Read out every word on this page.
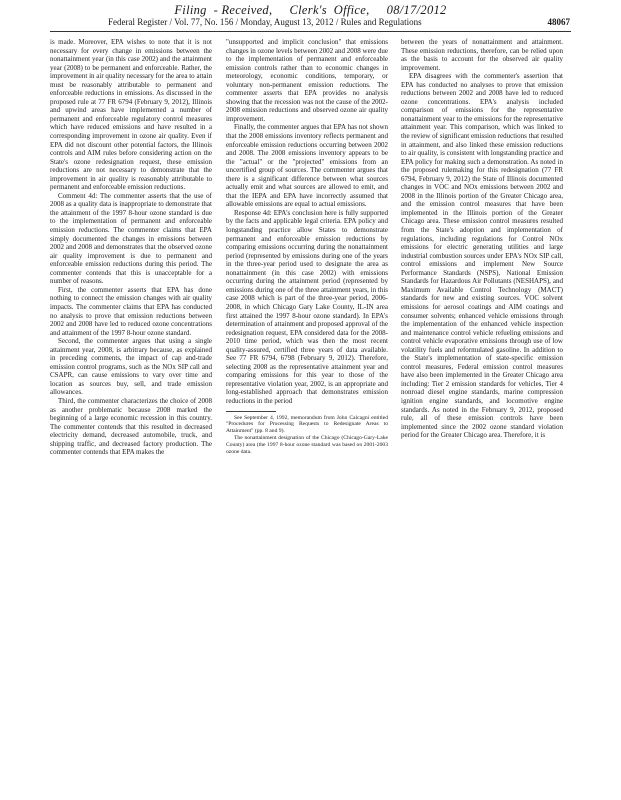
Filing  - Received,     Clerk's  Office,     08/17/2012
Federal Register / Vol. 77, No. 156 / Monday, August 13, 2012 / Rules and Regulations	48067

is made. Moreover, EPA wishes to note that it is not necessary for every change in emissions between the nonattainment year (in this case 2002) and the attainment year (2008) to be permanent and enforceable. Rather, the improvement in air quality necessary for the area to attain must be reasonably attributable to permanent and enforceable reductions in emissions. As discussed in the proposed rule at 77 FR 6794 (February 9, 2012), Illinois and upwind areas have implemented a number of permanent and enforceable regulatory control measures which have reduced emissions and have resulted in a corresponding improvement in ozone air quality. Even if EPA did not discount other potential factors, the Illinois controls and AIM rules before considering action on the State's ozone redesignation request, these emission reductions are not necessary to demonstrate that the improvement in air quality is reasonably attributable to permanent and enforceable emission reductions.

Comment 4d: The commenter asserts that the use of 2008 as a quality data is inappropriate to demonstrate that the attainment of the 1997 8-hour ozone standard is due to the implementation of permanent and enforceable emission reductions. The commenter claims that EPA simply documented the changes in emissions between 2002 and 2008 and demonstrates that the observed ozone air quality improvement is due to permanent and enforceable emission reductions during this period. The commenter contends that this is unacceptable for a number of reasons.

First, the commenter asserts that EPA has done nothing to connect the emission changes with air quality impacts. The commenter claims that EPA has conducted no analysis to prove that emission reductions between 2002 and 2008 have led to reduced ozone concentrations and attainment of the 1997 8-hour ozone standard.

Second, the commenter argues that using a single attainment year, 2008, is arbitrary because, as explained in preceding comments, the impact of cap and-trade emission control programs, such as the NOx SIP call and CSAPR, can cause emissions to vary over time and location as sources buy, sell, and trade emission allowances.

Third, the commenter characterizes the choice of 2008 as another problematic because 2008 marked the beginning of a large economic recession in this country. The commenter contends that this resulted in decreased electricity demand, decreased automobile, truck, and shipping traffic, and decreased factory production. The commenter contends that EPA makes the

"unsupported and implicit conclusion" that emissions changes in ozone levels between 2002 and 2008 were due to the implementation of permanent and enforceable emission controls rather than to economic changes in meteorology, economic conditions, temporary, or voluntary non-permanent emission reductions. The commenter asserts that EPA provides no analysis showing that the recession was not the cause of the 2002-2008 emission reductions and observed ozone air quality improvement.

Finally, the commenter argues that EPA has not shown that the 2008 emissions inventory reflects permanent and enforceable emission reductions occurring between 2002 and 2008. The 2008 emissions inventory appears to be the "actual" or the "projected" emissions from an uncertified group of sources. The commenter argues that there is a significant difference between what sources actually emit and what sources are allowed to emit, and that the IEPA and EPA have incorrectly assumed that allowable emissions are equal to actual emissions.

Response 4d: EPA's conclusion here is fully supported by the facts and applicable legal criteria. EPA policy and longstanding practice allow States to demonstrate permanent and enforceable emission reductions by comparing emissions occurring during the nonattainment period (represented by emissions during one of the years in the three-year period used to designate the area as nonattainment (in this case 2002) with emissions occurring during the attainment period (represented by emissions during one of the three attainment years, in this case 2008 which is part of the three-year period, 2006-2008, in which Chicago Gary Lake County, IL-IN area first attained the 1997 8-hour ozone standard). In EPA's determination of attainment and proposed approval of the redesignation request, EPA considered data for the 2008-2010 time period, which was then the most recent quality-assured, certified three years of data available. See 77 FR 6794, 6798 (February 9, 2012). Therefore, selecting 2008 as the representative attainment year and comparing emissions for this year to those of the representative violation year, 2002, is an appropriate and long-established approach that demonstrates emission reductions in the period

See September 4, 1992, memorandum from John Calcagni entitled "Procedures for Processing Requests to Redesignate Areas to Attainment" (pp. 8 and 9).

The nonattainment designation of the Chicago (Chicago-Gary-Lake County) area (the 1997 8-hour ozone standard was based on 2001-2003 ozone data.

between the years of nonattainment and attainment. These emission reductions, therefore, can be relied upon as the basis to account for the observed air quality improvement.

EPA disagrees with the commenter's assertion that EPA has conducted no analyses to prove that emission reductions between 2002 and 2008 have led to reduced ozone concentrations. EPA's analysis included comparison of emissions for the representative nonattainment year to the emissions for the representative attainment year. This comparison, which was linked to the review of significant emission reductions that resulted in attainment, and also linked these emission reductions to air quality, is consistent with longstanding practice and EPA policy for making such a demonstration. As noted in the proposed rulemaking for this redesignation (77 FR 6794, February 9, 2012) the State of Illinois documented changes in VOC and NOx emissions between 2002 and 2008 in the Illinois portion of the Greater Chicago area, and the emission control measures that have been implemented in the Illinois portion of the Greater Chicago area. These emission control measures resulted from the State's adoption and implementation of regulations, including regulations for Control NOx emissions for electric generating utilities and large industrial combustion sources under EPA's NOx SIP call, control emissions and implement New Source Performance Standards (NSPS), National Emission Standards for Hazardous Air Pollutants (NESHAPS), and Maximum Available Control Technology (MACT) standards for new and existing sources. VOC solvent emissions for aerosol coatings and AIM coatings and consumer solvents; enhanced vehicle emissions through the implementation of the enhanced vehicle inspection and maintenance control vehicle refueling emissions and control vehicle evaporative emissions through use of low volatility fuels and reformulated gasoline. In addition to the State's implementation of state-specific emission control measures, Federal emission control measures have also been implemented in the Greater Chicago area including: Tier 2 emission standards for vehicles, Tier 4 nonroad diesel engine standards, marine compression ignition engine standards, and locomotive engine standards. As noted in the February 9, 2012, proposed rule, all of these emission controls have been implemented since the 2002 ozone standard violation period for the Greater Chicago area. Therefore, it is
